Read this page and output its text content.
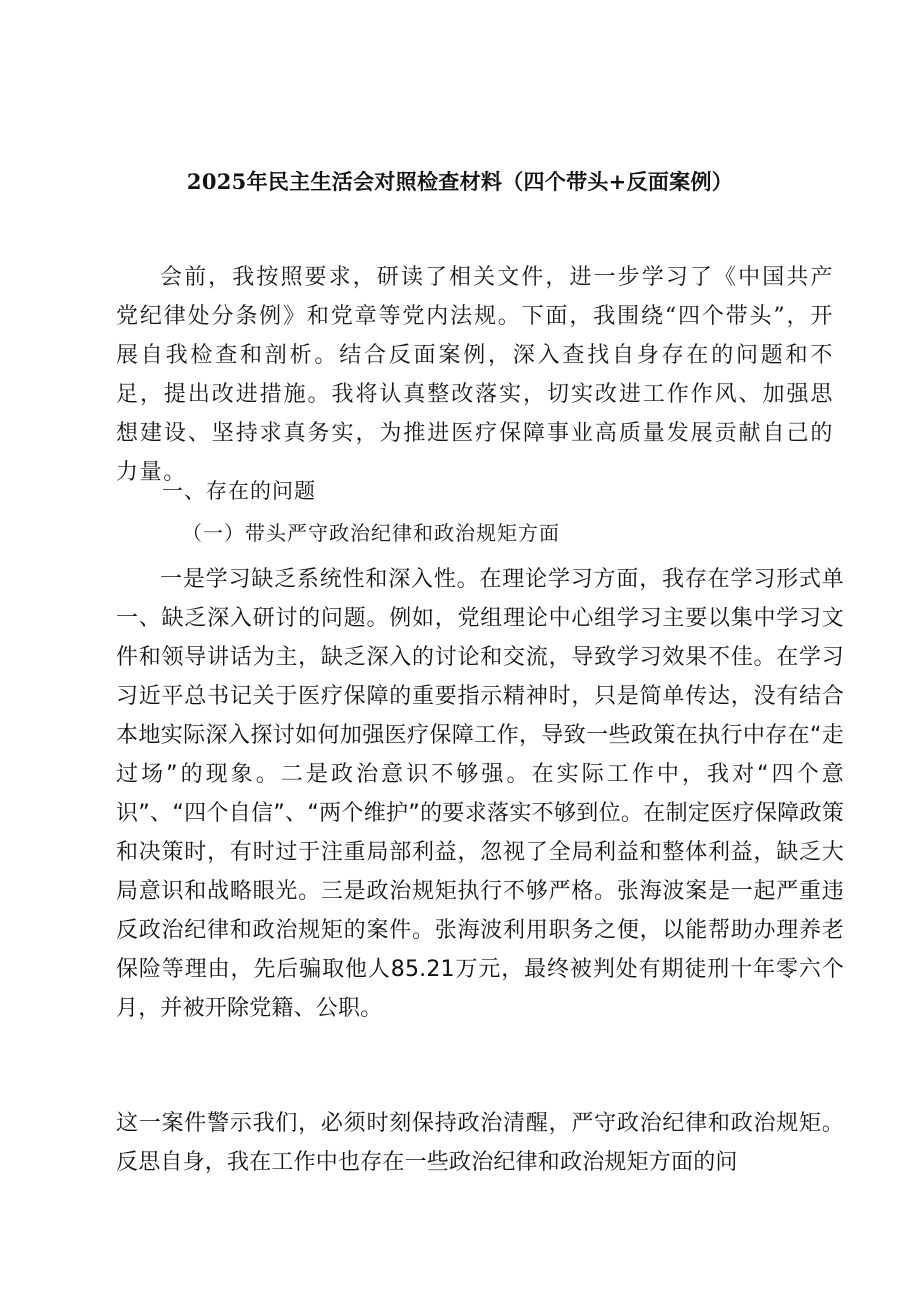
2025年民主生活会对照检查材料（四个带头+反面案例）

会前，我按照要求，研读了相关文件，进一步学习了《中国共产党纪律处分条例》和党章等党内法规。下面，我围绕“四个带头”，开展自我检查和剖析。结合反面案例，深入查找自身存在的问题和不足，提出改进措施。我将认真整改落实，切实改进工作作风、加强思想建设、坚持求真务实，为推进医疗保障事业高质量发展贡献自己的力量。

一、存在的问题

（一）带头严守政治纪律和政治规矩方面

一是学习缺乏系统性和深入性。在理论学习方面，我存在学习形式单一、缺乏深入研讨的问题。例如，党组理论中心组学习主要以集中学习文件和领导讲话为主，缺乏深入的讨论和交流，导致学习效果不佳。在学习习近平总书记关于医疗保障的重要指示精神时，只是简单传达，没有结合本地实际深入探讨如何加强医疗保障工作，导致一些政策在执行中存在“走过场”的现象。二是政治意识不够强。在实际工作中，我对“四个意识”、“四个自信”、“两个维护”的要求落实不够到位。在制定医疗保障政策和决策时，有时过于注重局部利益，忽视了全局利益和整体利益，缺乏大局意识和战略眼光。三是政治规矩执行不够严格。张海波案是一起严重违反政治纪律和政治规矩的案件。张海波利用职务之便，以能帮助办理养老保险等理由，先后骗取他人85.21万元，最终被判处有期徒刑十年零六个月，并被开除党籍、公职。

这一案件警示我们，必须时刻保持政治清醒，严守政治纪律和政治规矩。反思自身，我在工作中也存在一些政治纪律和政治规矩方面的问
